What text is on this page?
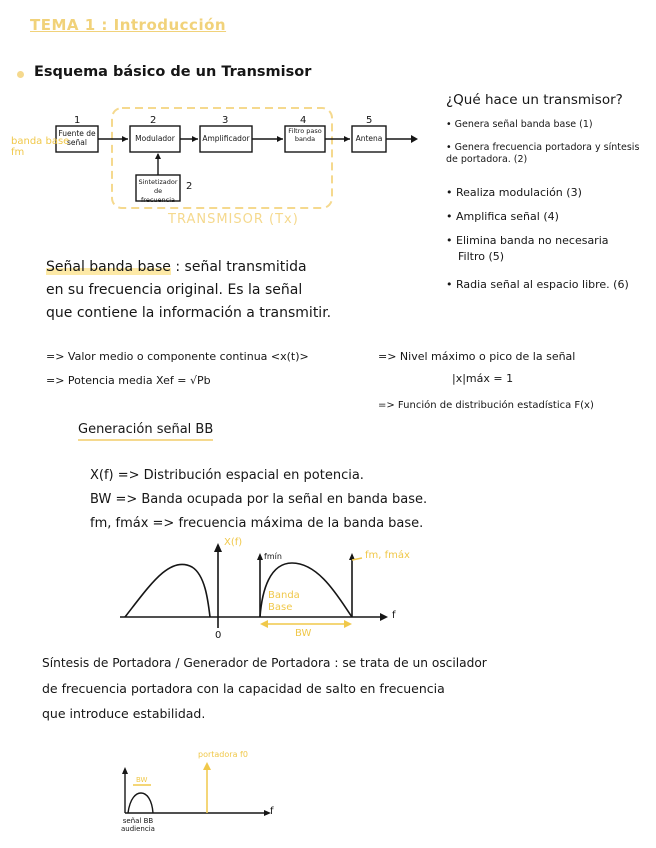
TEMA 1 : Introducción
Esquema básico de un Transmisor
banda base
fm
1	2	3	4	5
Fuente de señal	Modulador	Amplificador
Filtro paso banda	Antena
Sintetizador de frecuencia
2
TRANSMISOR (Tx)
¿Qué hace un transmisor?
• Genera señal banda base (1)
• Genera frecuencia portadora y síntesis de portadora. (2)
• Realiza modulación (3)
• Amplifica señal (4)
• Elimina banda no necesaria
Filtro (5)
• Radia señal al espacio libre. (6)
Señal banda base : señal transmitida
en su frecuencia original. Es la señal
que contiene la información a transmitir.
=> Valor medio o componente continua <x(t)>
=> Potencia media Xef = √Pb
=> Nivel máximo o pico de la señal
|x|máx = 1
=> Función de distribución estadística F(x)
Generación señal BB
X(f) => Distribución espacial en potencia.
BW => Banda ocupada por la señal en banda base.
fm, fmáx => frecuencia máxima de la banda base.
X(f)
fmín	fm, fmáx
Banda Base
BW
0
f
Síntesis de Portadora / Generador de Portadora : se trata de un oscilador
de frecuencia portadora con la capacidad de salto en frecuencia
que introduce estabilidad.
portadora f0
BW
señal BB audiencia
f
